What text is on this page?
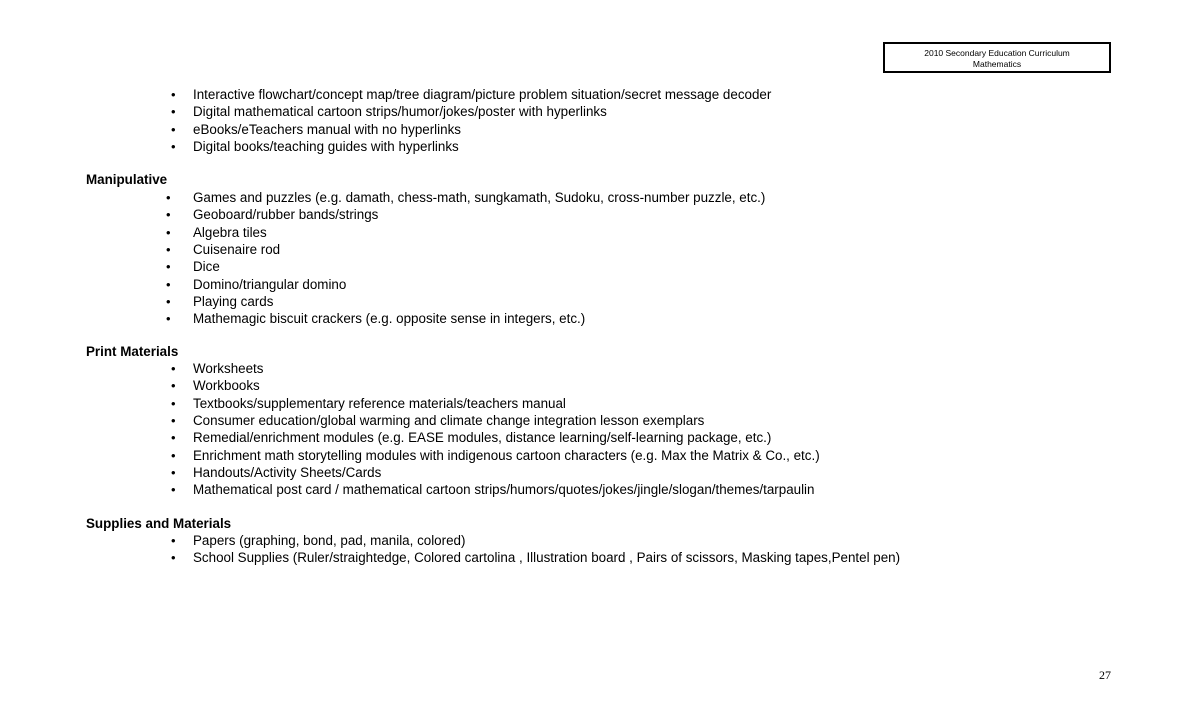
2010 Secondary Education Curriculum
Mathematics
• Interactive flowchart/concept map/tree diagram/picture problem situation/secret message decoder
• Digital mathematical cartoon strips/humor/jokes/poster with hyperlinks
• eBooks/eTeachers manual with no hyperlinks
• Digital books/teaching guides with hyperlinks
Manipulative
• Games and puzzles (e.g. damath, chess-math, sungkamath, Sudoku, cross-number puzzle, etc.)
• Geoboard/rubber bands/strings
• Algebra tiles
• Cuisenaire rod
• Dice
• Domino/triangular domino
• Playing cards
• Mathemagic biscuit crackers (e.g. opposite sense in integers, etc.)
Print Materials
• Worksheets
• Workbooks
• Textbooks/supplementary reference materials/teachers manual
• Consumer education/global warming and climate change integration lesson exemplars
• Remedial/enrichment modules (e.g. EASE modules, distance learning/self-learning package, etc.)
• Enrichment math storytelling modules with indigenous cartoon characters (e.g. Max the Matrix & Co., etc.)
• Handouts/Activity Sheets/Cards
• Mathematical post card / mathematical cartoon strips/humors/quotes/jokes/jingle/slogan/themes/tarpaulin
Supplies and Materials
• Papers (graphing, bond, pad, manila, colored)
• School Supplies (Ruler/straightedge, Colored cartolina , Illustration board , Pairs of scissors, Masking tapes,Pentel pen)
27
